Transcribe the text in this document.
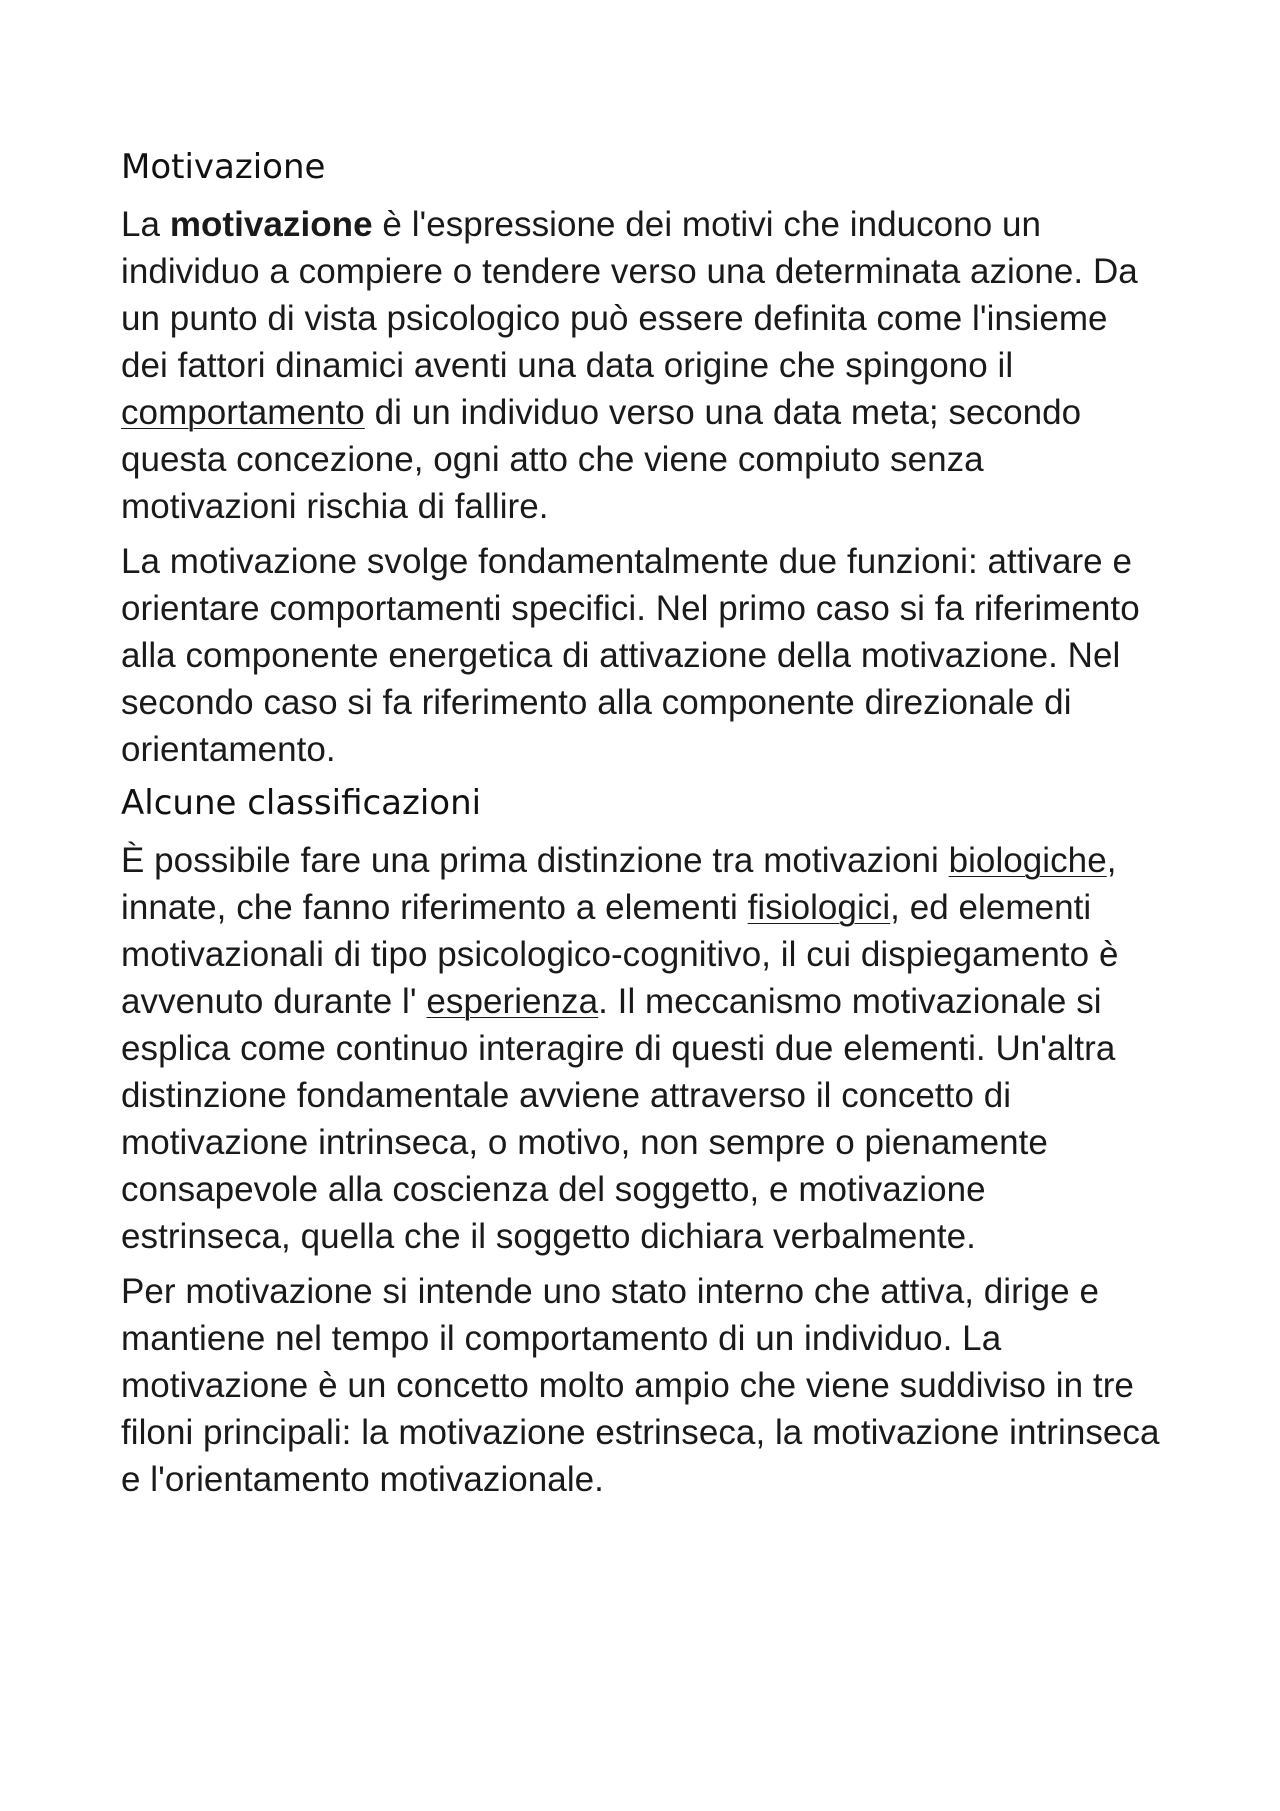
Motivazione

La motivazione è l'espressione dei motivi che inducono un individuo a compiere o tendere verso una determinata azione. Da un punto di vista psicologico può essere definita come l'insieme dei fattori dinamici aventi una data origine che spingono il comportamento di un individuo verso una data meta; secondo questa concezione, ogni atto che viene compiuto senza motivazioni rischia di fallire.

La motivazione svolge fondamentalmente due funzioni: attivare e orientare comportamenti specifici. Nel primo caso si fa riferimento alla componente energetica di attivazione della motivazione. Nel secondo caso si fa riferimento alla componente direzionale di orientamento.

Alcune classificazioni

È possibile fare una prima distinzione tra motivazioni biologiche, innate, che fanno riferimento a elementi fisiologici, ed elementi motivazionali di tipo psicologico-cognitivo, il cui dispiegamento è avvenuto durante l' esperienza. Il meccanismo motivazionale si esplica come continuo interagire di questi due elementi. Un'altra distinzione fondamentale avviene attraverso il concetto di motivazione intrinseca, o motivo, non sempre o pienamente consapevole alla coscienza del soggetto, e motivazione estrinseca, quella che il soggetto dichiara verbalmente.

Per motivazione si intende uno stato interno che attiva, dirige e mantiene nel tempo il comportamento di un individuo. La motivazione è un concetto molto ampio che viene suddiviso in tre filoni principali: la motivazione estrinseca, la motivazione intrinseca e l'orientamento motivazionale.
